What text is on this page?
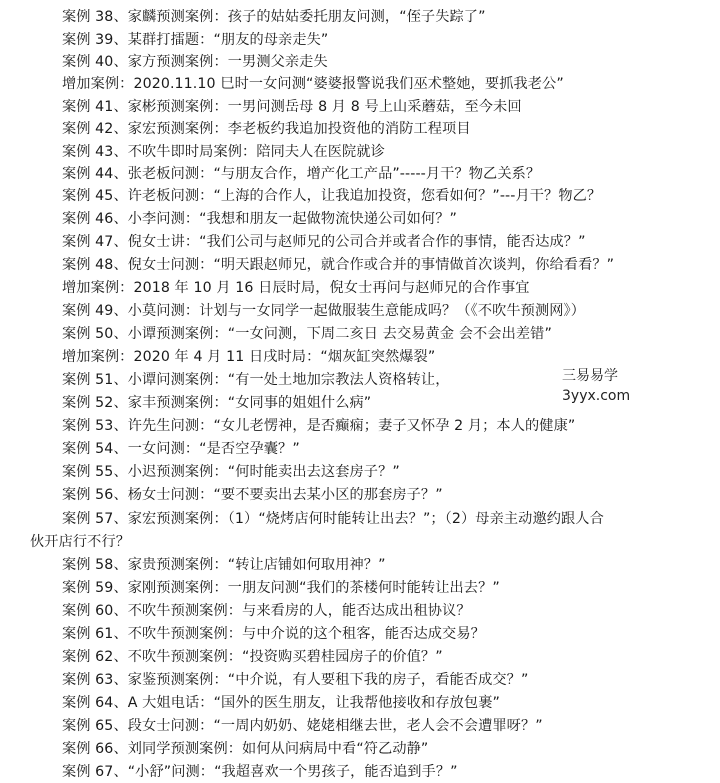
案例 38、家麟预测案例：孩子的姑姑委托朋友问测，“侄子失踪了”
案例 39、某群打擂题：“朋友的母亲走失”
案例 40、家方预测案例：一男测父亲走失
增加案例：2020.11.10 巳时一女问测“婆婆报警说我们巫术整她，要抓我老公”
案例 41、家彬预测案例：一男问测岳母 8 月 8 号上山采蘑菇，至今未回
案例 42、家宏预测案例：李老板约我追加投资他的消防工程项目
案例 43、不吹牛即时局案例：陪同夫人在医院就诊
案例 44、张老板问测：“与朋友合作，增产化工产品”-----月干？物乙关系？
案例 45、许老板问测：“上海的合作人，让我追加投资，您看如何？”---月干？物乙？
案例 46、小李问测：“我想和朋友一起做物流快递公司如何？”
案例 47、倪女士讲：“我们公司与赵师兄的公司合并或者合作的事情，能否达成？”
案例 48、倪女士问测：“明天跟赵师兄，就合作或合并的事情做首次谈判，你给看看？”
增加案例：2018 年 10 月 16 日辰时局，倪女士再问与赵师兄的合作事宜
案例 49、小莫问测：计划与一女同学一起做服装生意能成吗？（《不吹牛预测网》）
案例 50、小谭预测案例：“一女问测，下周二亥日 去交易黄金 会不会出差错”
增加案例：2020 年 4 月 11 日戌时局：“烟灰缸突然爆裂”
案例 51、小谭问测案例：“有一处土地加宗教法人资格转让，
案例 52、家丰预测案例：“女同事的姐姐什么病”
案例 53、许先生问测：“女儿老愣神，是否癫痫；妻子又怀孕 2 月；本人的健康”
案例 54、一女问测：“是否空孕囊？”
案例 55、小迟预测案例：“何时能卖出去这套房子？”
案例 56、杨女士问测：“要不要卖出去某小区的那套房子？”
案例 57、家宏预测案例：（1）“烧烤店何时能转让出去？”；（2）母亲主动邀约跟人合
伙开店行不行？
案例 58、家贵预测案例：“转让店铺如何取用神？”
案例 59、家刚预测案例：一朋友问测“我们的茶楼何时能转让出去？”
案例 60、不吹牛预测案例：与来看房的人，能否达成出租协议？
案例 61、不吹牛预测案例：与中介说的这个租客，能否达成交易？
案例 62、不吹牛预测案例：“投资购买碧桂园房子的价值？”
案例 63、家鉴预测案例：“中介说，有人要租下我的房子，看能否成交？”
案例 64、A 大姐电话：“国外的医生朋友，让我帮他接收和存放包裹”
案例 65、段女士问测：“一周内奶奶、姥姥相继去世，老人会不会遭罪呀？”
案例 66、刘同学预测案例：如何从问病局中看“符乙动静”
案例 67、“小舒”问测：“我超喜欢一个男孩子，能否追到手？”
三易易学
3yyx.com
